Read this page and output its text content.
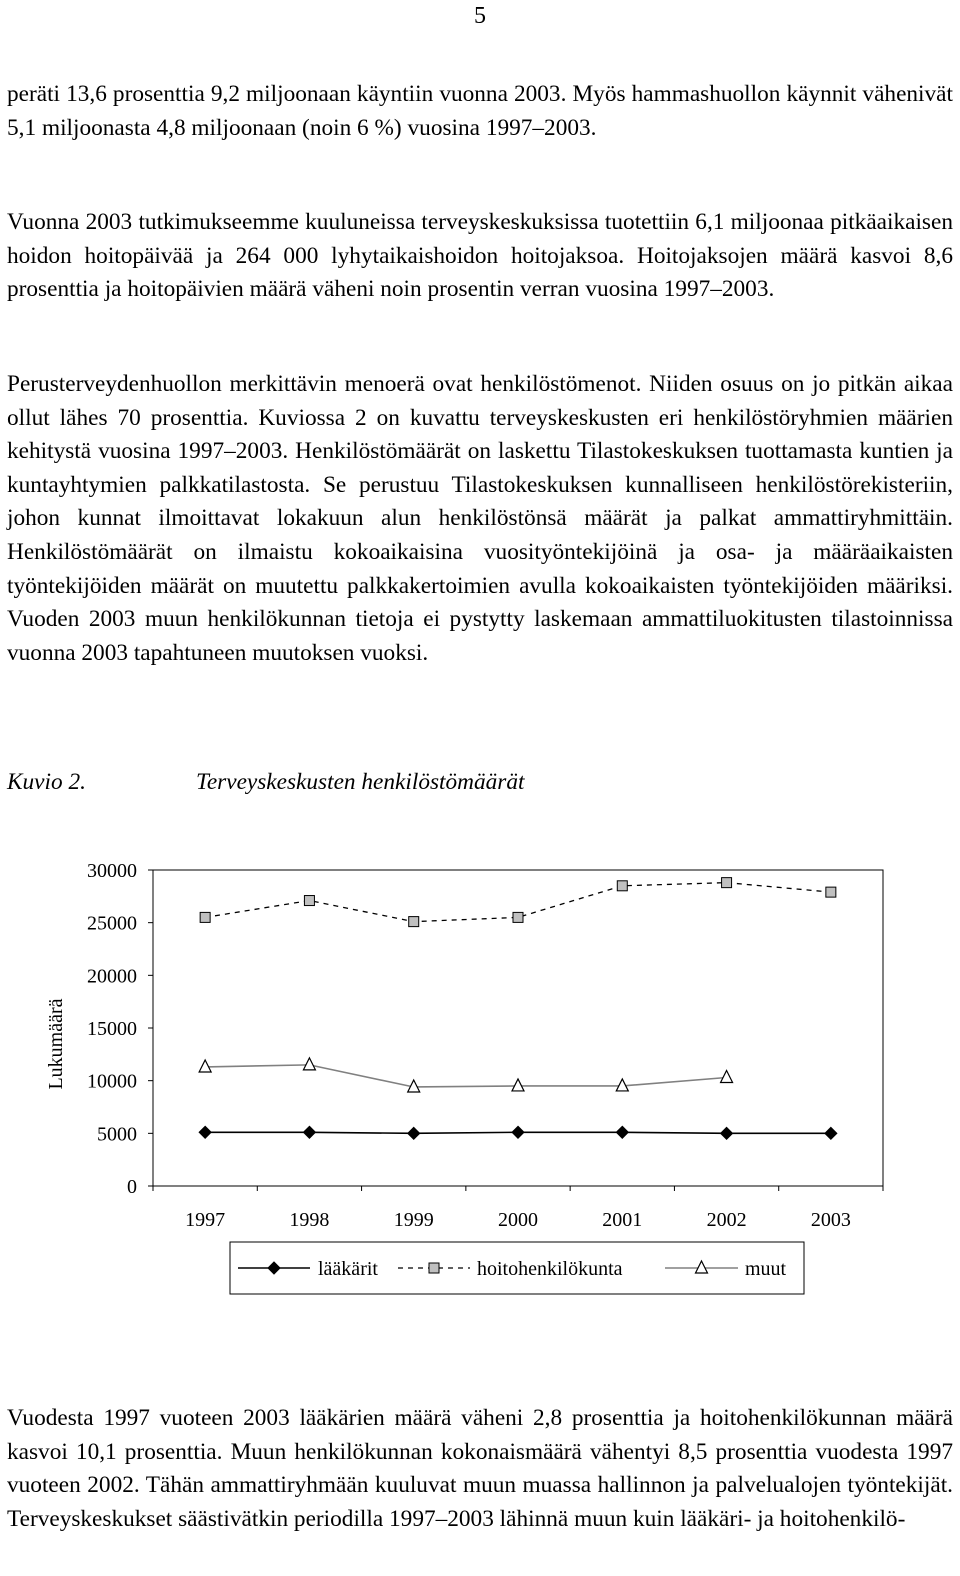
5

peräti 13,6 prosenttia 9,2 miljoonaan käyntiin vuonna 2003. Myös hammashuollon käynnit vähenivät 5,1 miljoonasta 4,8 miljoonaan (noin 6 %) vuosina 1997–2003.

Vuonna 2003 tutkimukseemme kuuluneissa terveyskeskuksissa tuotettiin 6,1 miljoonaa pitkäaikaisen hoidon hoitopäivää ja 264 000 lyhytaikaishoidon hoitojaksoa. Hoitojaksojen määrä kasvoi 8,6 prosenttia ja hoitopäivien määrä väheni noin prosentin verran vuosina 1997–2003.

Perusterveydenhuollon merkittävin menoerä ovat henkilöstömenot. Niiden osuus on jo pitkän aikaa ollut lähes 70 prosenttia. Kuviossa 2 on kuvattu terveyskeskusten eri henkilöstöryhmien määrien kehitystä vuosina 1997–2003. Henkilöstömäärät on laskettu Tilastokeskuksen tuottamasta kuntien ja kuntayhtymien palkkatilastosta. Se perustuu Tilastokeskuksen kunnalliseen henkilöstörekisteriin, johon kunnat ilmoittavat lokakuun alun henkilöstönsä määrät ja palkat ammattiryhmittäin. Henkilöstömäärät on ilmaistu kokoaikaisina vuosityöntekijöinä ja osa- ja määräaikaisten työntekijöiden määrät on muutettu palkkakertoimien avulla kokoaikaisten työntekijöiden määriksi. Vuoden 2003 muun henkilökunnan tietoja ei pystytty laskemaan ammattiluokitusten tilastoinnissa vuonna 2003 tapahtuneen muutoksen vuoksi.

Kuvio 2.	Terveyskeskusten henkilöstömäärät
0
5000
10000
15000
20000
25000
30000
Lukumäärä
1997	1998	1999	2000	2001	2002	2003
lääkärit	hoitohenkilökunta	muut

Vuodesta 1997 vuoteen 2003 lääkärien määrä väheni 2,8 prosenttia ja hoitohenkilökunnan määrä kasvoi 10,1 prosenttia. Muun henkilökunnan kokonaismäärä vähentyi 8,5 prosenttia vuodesta 1997 vuoteen 2002. Tähän ammattiryhmään kuuluvat muun muassa hallinnon ja palvelualojen työntekijät. Terveyskeskukset säästivätkin periodilla 1997–2003 lähinnä muun kuin lääkäri- ja hoitohenkilö-
